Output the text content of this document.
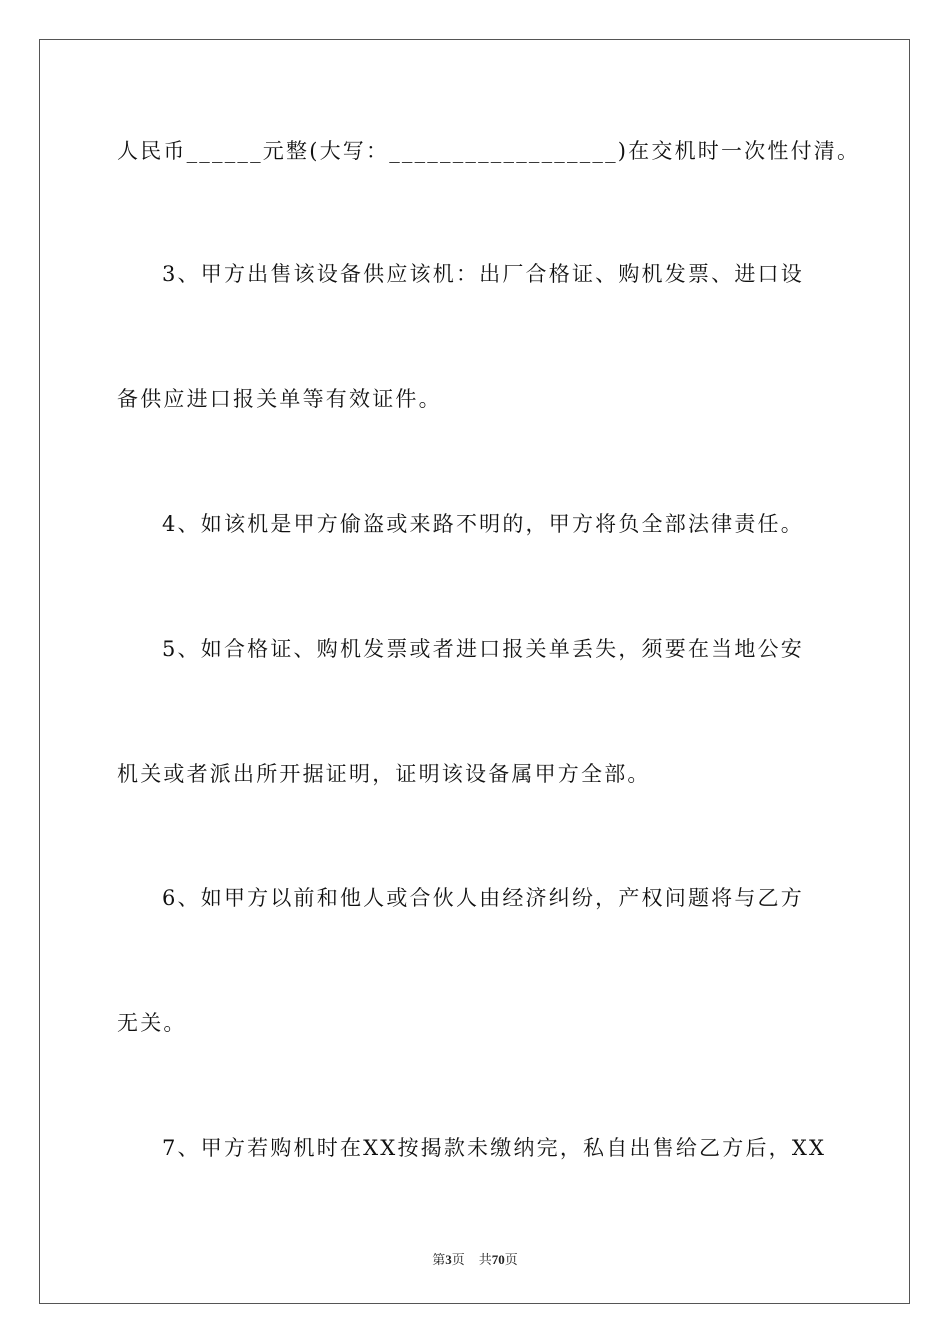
人民币______元整(大写：__________________)在交机时一次性付清。
3、甲方出售该设备供应该机：出厂合格证、购机发票、进口设
备供应进口报关单等有效证件。
4、如该机是甲方偷盗或来路不明的，甲方将负全部法律责任。
5、如合格证、购机发票或者进口报关单丢失，须要在当地公安
机关或者派出所开据证明，证明该设备属甲方全部。
6、如甲方以前和他人或合伙人由经济纠纷，产权问题将与乙方
无关。
7、甲方若购机时在XX按揭款未缴纳完，私自出售给乙方后，XX
第3页 共70页
